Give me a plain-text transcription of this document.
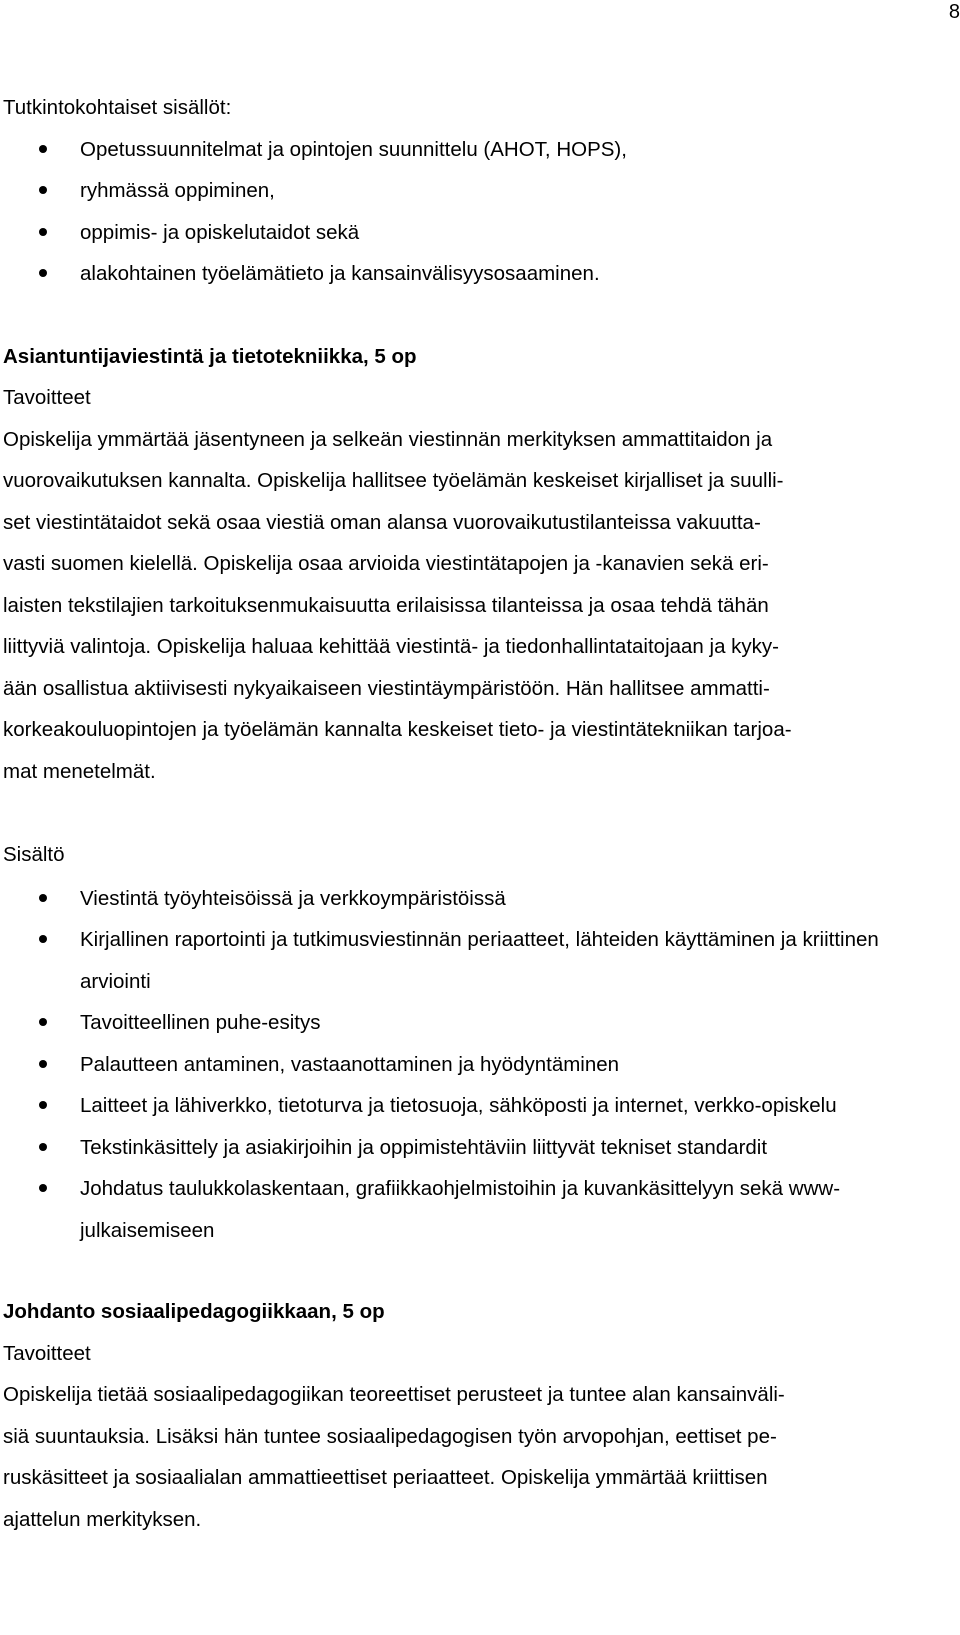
8
Tutkintokohtaiset sisällöt:
Opetussuunnitelmat ja opintojen suunnittelu (AHOT, HOPS),
ryhmässä oppiminen,
oppimis- ja opiskelutaidot sekä
alakohtainen työelämätieto ja kansainvälisyysosaaminen.
Asiantuntijaviestintä ja tietotekniikka, 5 op
Tavoitteet
Opiskelija ymmärtää jäsentyneen ja selkeän viestinnän merkityksen ammattitaidon ja
vuorovaikutuksen kannalta. Opiskelija hallitsee työelämän keskeiset kirjalliset ja suulli-
set viestintätaidot sekä osaa viestiä oman alansa vuorovaikutustilanteissa vakuutta-
vasti suomen kielellä. Opiskelija osaa arvioida viestintätapojen ja -kanavien sekä eri-
laisten tekstilajien tarkoituksenmukaisuutta erilaisissa tilanteissa ja osaa tehdä tähän
liittyviä valintoja. Opiskelija haluaa kehittää viestintä- ja tiedonhallintataitojaan ja kyky-
ään osallistua aktiivisesti nykyaikaiseen viestintäympäristöön. Hän hallitsee ammatti-
korkeakouluopintojen ja työelämän kannalta keskeiset tieto- ja viestintätekniikan tarjoa-
mat menetelmät.
Sisältö
Viestintä työyhteisöissä ja verkkoympäristöissä
Kirjallinen raportointi ja tutkimusviestinnän periaatteet, lähteiden käyttäminen ja kriittinen arviointi
Tavoitteellinen puhe-esitys
Palautteen antaminen, vastaanottaminen ja hyödyntäminen
Laitteet ja lähiverkko, tietoturva ja tietosuoja, sähköposti ja internet, verkko-opiskelu
Tekstinkäsittely ja asiakirjoihin ja oppimistehtäviin liittyvät tekniset standardit
Johdatus taulukkolaskentaan, grafiikkaohjelmistoihin ja kuvankäsittelyyn sekä www-julkaisemiseen
Johdanto sosiaalipedagogiikkaan, 5 op
Tavoitteet
Opiskelija tietää sosiaalipedagogiikan teoreettiset perusteet ja tuntee alan kansainväli-
siä suuntauksia. Lisäksi hän tuntee sosiaalipedagogisen työn arvopohjan, eettiset pe-
ruskäsitteet ja sosiaalialan ammattieettiset periaatteet. Opiskelija ymmärtää kriittisen
ajattelun merkityksen.
